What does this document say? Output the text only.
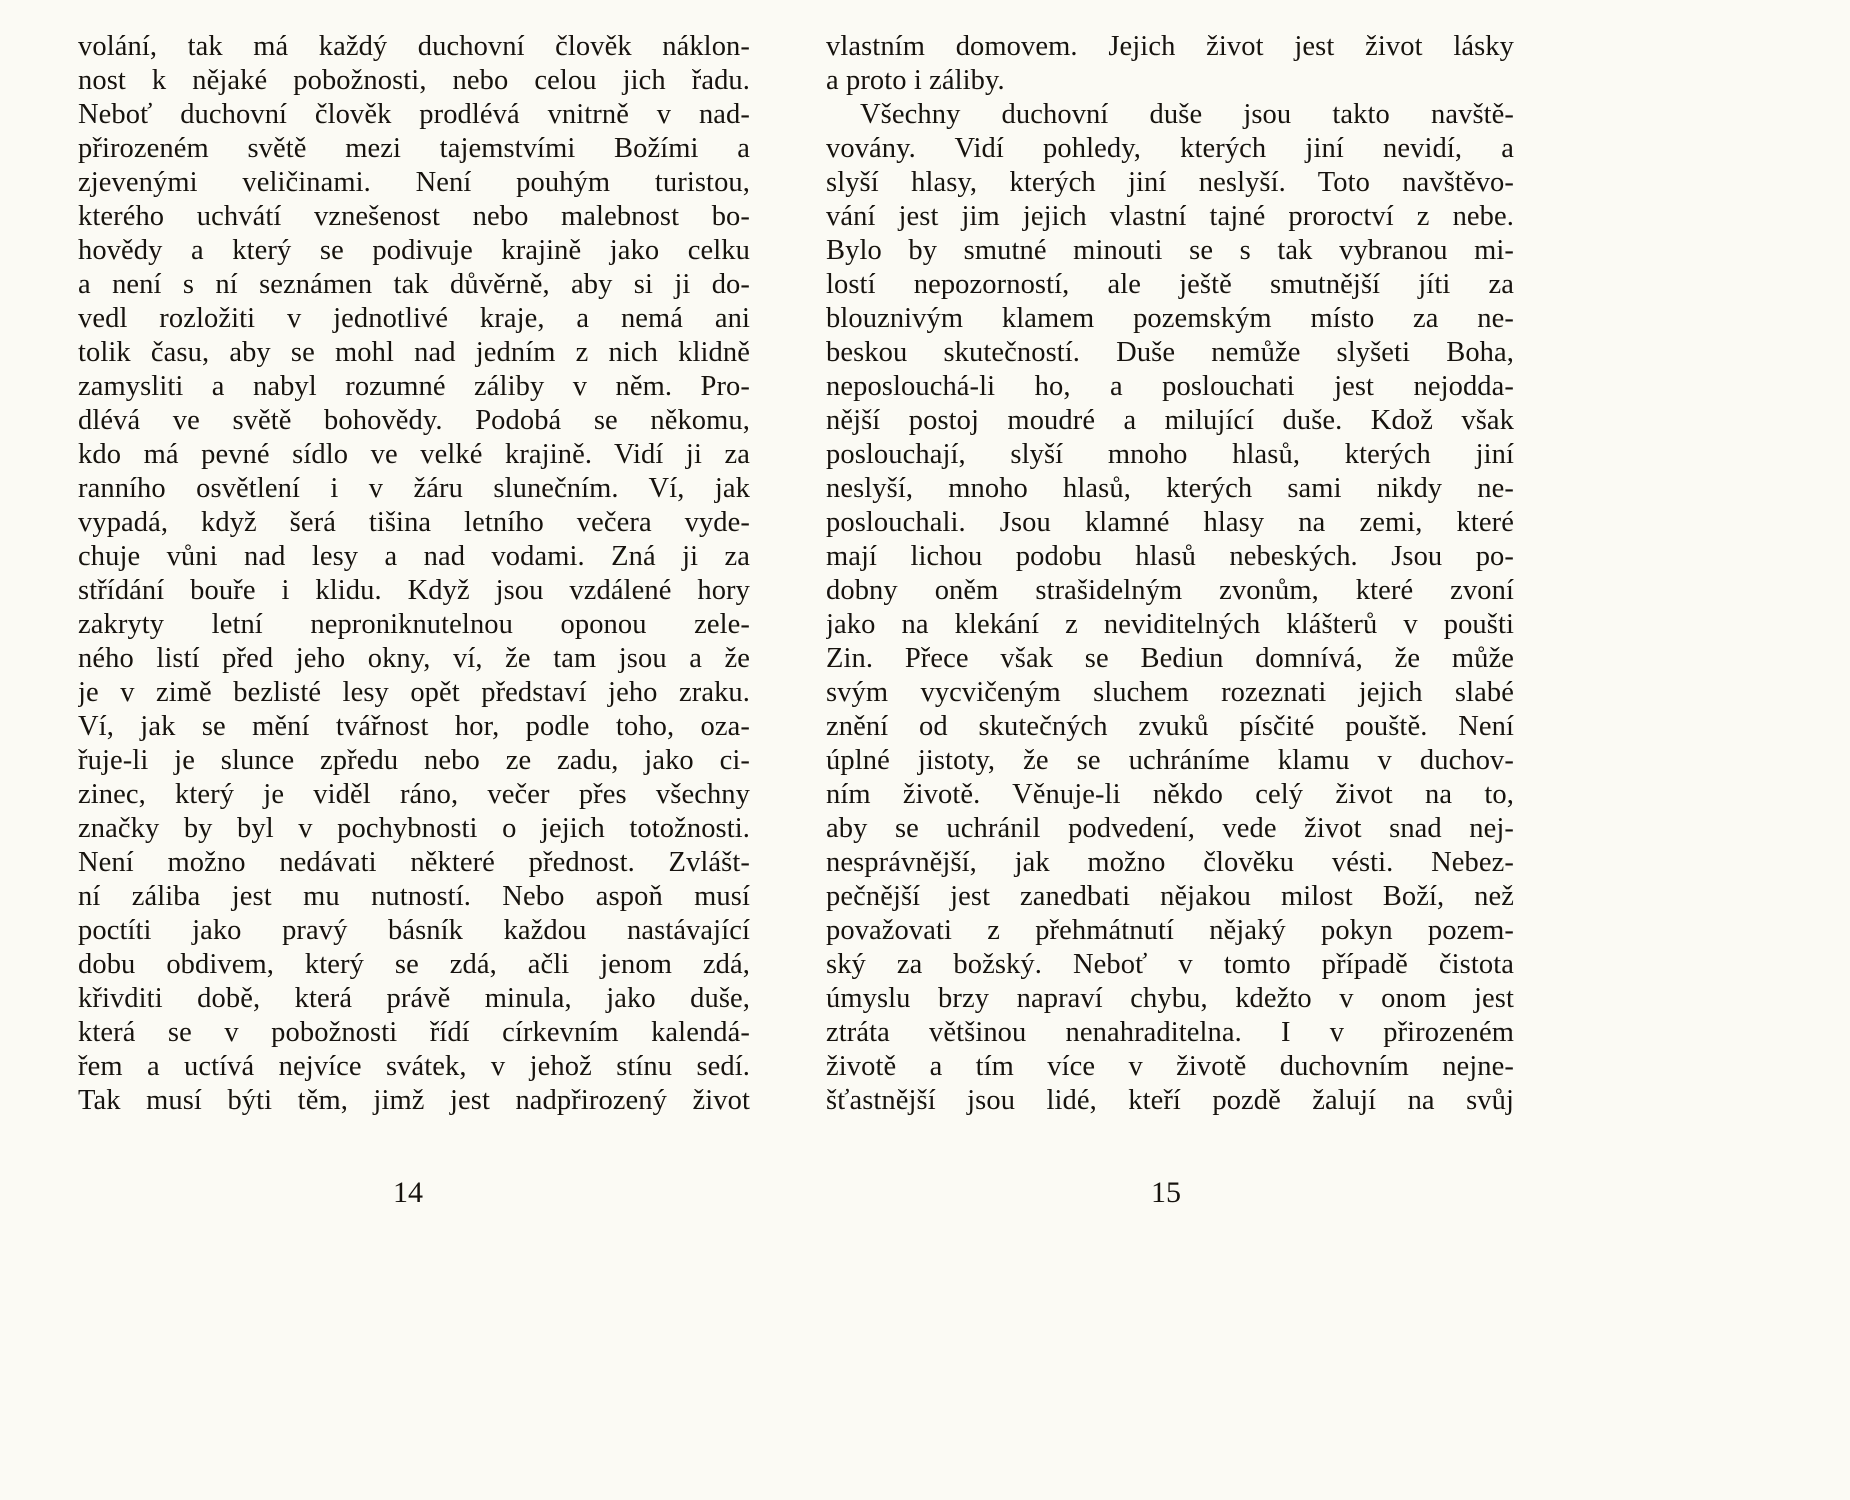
volání, tak má každý duchovní člověk náklon-
nost k nějaké pobožnosti, nebo celou jich řadu.
Neboť duchovní člověk prodlévá vnitrně v nad-
přirozeném světě mezi tajemstvími Božími a
zjevenými veličinami. Není pouhým turistou,
kterého uchvátí vznešenost nebo malebnost bo-
hovědy a který se podivuje krajině jako celku
a není s ní seznámen tak důvěrně, aby si ji do-
vedl rozložiti v jednotlivé kraje, a nemá ani
tolik času, aby se mohl nad jedním z nich klidně
zamysliti a nabyl rozumné záliby v něm. Pro-
dlévá ve světě bohovědy. Podobá se někomu,
kdo má pevné sídlo ve velké krajině. Vidí ji za
ranního osvětlení i v žáru slunečním. Ví, jak
vypadá, když šerá tišina letního večera vyde-
chuje vůni nad lesy a nad vodami. Zná ji za
střídání bouře i klidu. Když jsou vzdálené hory
zakryty letní neproniknutelnou oponou zele-
ného listí před jeho okny, ví, že tam jsou a že
je v zimě bezlisté lesy opět představí jeho zraku.
Ví, jak se mění tvářnost hor, podle toho, oza-
řuje-li je slunce zpředu nebo ze zadu, jako ci-
zinec, který je viděl ráno, večer přes všechny
značky by byl v pochybnosti o jejich totožnosti.
Není možno nedávati některé přednost. Zvlášt-
ní záliba jest mu nutností. Nebo aspoň musí
poctíti jako pravý básník každou nastávající
dobu obdivem, který se zdá, ačli jenom zdá,
křivditi době, která právě minula, jako duše,
která se v pobožnosti řídí církevním kalendá-
řem a uctívá nejvíce svátek, v jehož stínu sedí.
Tak musí býti těm, jimž jest nadpřirozený život
vlastním domovem. Jejich život jest život lásky
a proto i záliby.
Všechny duchovní duše jsou takto navště-
vovány. Vidí pohledy, kterých jiní nevidí, a
slyší hlasy, kterých jiní neslyší. Toto navštěvo-
vání jest jim jejich vlastní tajné proroctví z nebe.
Bylo by smutné minouti se s tak vybranou mi-
lostí nepozorností, ale ještě smutnější jíti za
blouznivým klamem pozemským místo za ne-
beskou skutečností. Duše nemůže slyšeti Boha,
neposlouchá-li ho, a poslouchati jest nejodda-
nější postoj moudré a milující duše. Kdož však
poslouchají, slyší mnoho hlasů, kterých jiní
neslyší, mnoho hlasů, kterých sami nikdy ne-
poslouchali. Jsou klamné hlasy na zemi, které
mají lichou podobu hlasů nebeských. Jsou po-
dobny oněm strašidelným zvonům, které zvoní
jako na klekání z neviditelných klášterů v poušti
Zin. Přece však se Bediun domnívá, že může
svým vycvičeným sluchem rozeznati jejich slabé
znění od skutečných zvuků písčité pouště. Není
úplné jistoty, že se uchráníme klamu v duchov-
ním životě. Věnuje-li někdo celý život na to,
aby se uchránil podvedení, vede život snad nej-
nesprávnější, jak možno člověku vésti. Nebez-
pečnější jest zanedbati nějakou milost Boží, než
považovati z přehmátnutí nějaký pokyn pozem-
ský za božský. Neboť v tomto případě čistota
úmyslu brzy napraví chybu, kdežto v onom jest
ztráta většinou nenahraditelna. I v přirozeném
životě a tím více v životě duchovním nejne-
šťastnější jsou lidé, kteří pozdě žalují na svůj
14	15
